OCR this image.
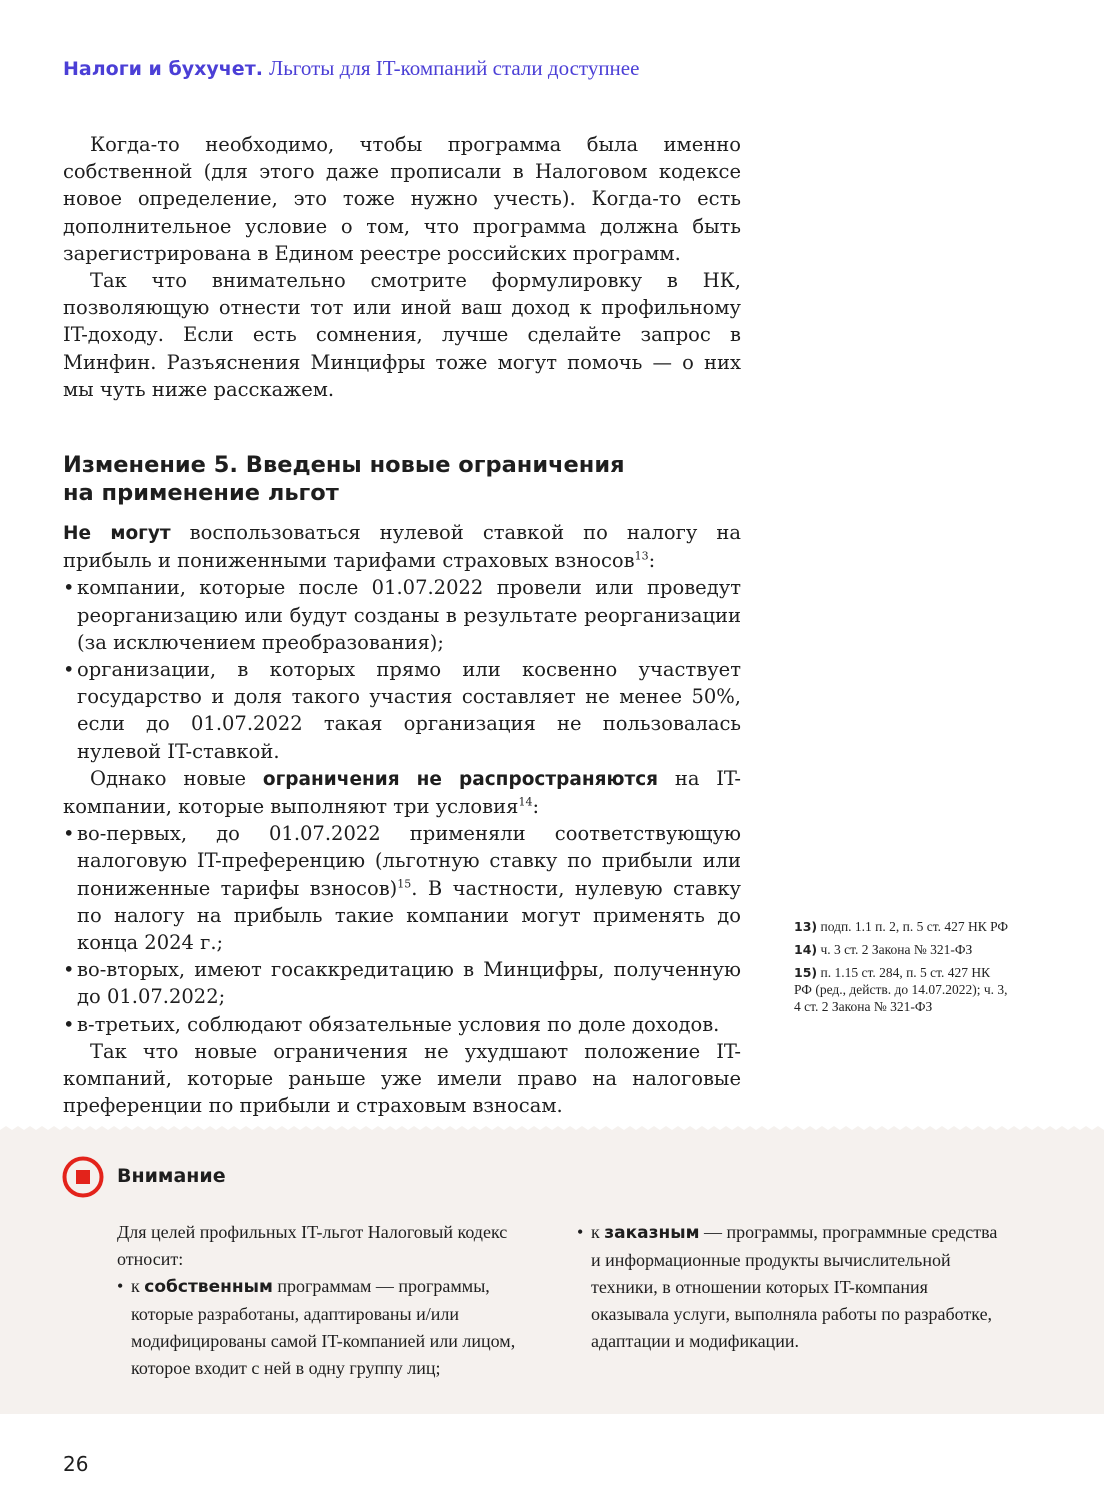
Налоги и бухучет. Льготы для IT-компаний стали доступнее

Когда-то необходимо, чтобы программа была именно собственной (для этого даже прописали в Налоговом кодексе новое определение, это тоже нужно учесть). Когда-то есть дополнительное условие о том, что программа должна быть зарегистрирована в Едином реестре российских программ.

Так что внимательно смотрите формулировку в НК, позволяющую отнести тот или иной ваш доход к профильному IT-доходу. Если есть сомнения, лучше сделайте запрос в Минфин. Разъяснения Минцифры тоже могут помочь — о них мы чуть ниже расскажем.

Изменение 5. Введены новые ограничения
на применение льгот

Не могут воспользоваться нулевой ставкой по налогу на прибыль и пониженными тарифами страховых взносов$^{13}$:

• компании, которые после 01.07.2022 провели или проведут реорганизацию или будут созданы в результате реорганизации (за исключением преобразования);
• организации, в которых прямо или косвенно участвует государство и доля такого участия составляет не менее 50%, если до 01.07.2022 такая организация не пользовалась нулевой IT-ставкой.

Однако новые ограничения не распространяются на IT-компании, которые выполняют три условия$^{14}$:

• во-первых, до 01.07.2022 применяли соответствующую налоговую IT-преференцию (льготную ставку по прибыли или пониженные тарифы взносов)$^{15}$. В частности, нулевую ставку по налогу на прибыль такие компании могут применять до конца 2024 г.;
• во-вторых, имеют госаккредитацию в Минцифры, полученную до 01.07.2022;
• в-третьих, соблюдают обязательные условия по доле доходов.

Так что новые ограничения не ухудшают положение IT-компаний, которые раньше уже имели право на налоговые преференции по прибыли и страховым взносам.

13) подп. 1.1 п. 2, п. 5 ст. 427 НК РФ
14) ч. 3 ст. 2 Закона № 321-ФЗ
15) п. 1.15 ст. 284, п. 5 ст. 427 НК РФ (ред., действ. до 14.07.2022); ч. 3, 4 ст. 2 Закона № 321-ФЗ
Внимание
Для целей профильных IT-льгот Налоговый кодекс относит:
• к собственным программам — программы, которые разработаны, адаптированы и/или модифицированы самой IT-компанией или лицом, которое входит с ней в одну группу лиц;
• к заказным — программы, программные средства и информационные продукты вычислительной техники, в отношении которых IT-компания оказывала услуги, выполняла работы по разработке, адаптации и модификации.
26
